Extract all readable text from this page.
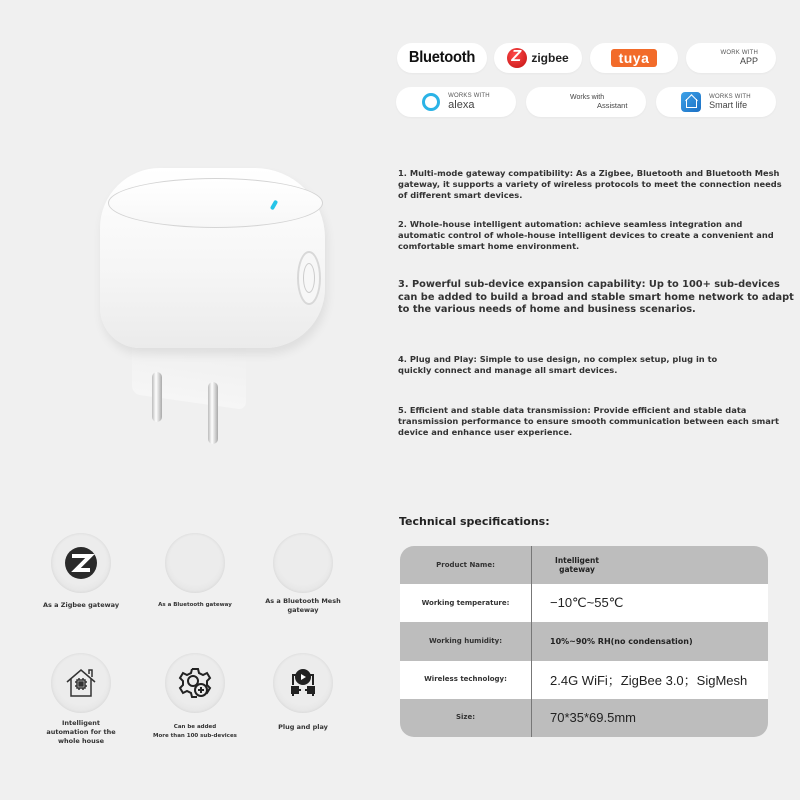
Bluetooth Z	zigbee	tuya	WORK WITH
APP
WORKS WITH
alexa
Works with
Assistant
WORKS WITH
Smart life
1. Multi-mode gateway compatibility: As a Zigbee, Bluetooth and Bluetooth Mesh gateway, it supports a variety of wireless protocols to meet the connection needs of different smart devices.
2. Whole-house intelligent automation: achieve seamless integration and automatic control of whole-house intelligent devices to create a convenient and comfortable smart home environment.
3. Powerful sub-device expansion capability: Up to 100+ sub-devices can be added to build a broad and stable smart home network to adapt to the various needs of home and business scenarios.
4. Plug and Play: Simple to use design, no complex setup, plug in to quickly connect and manage all smart devices.
5. Efficient and stable data transmission: Provide efficient and stable data transmission performance to ensure smooth communication between each smart device and enhance user experience.
Technical specifications:
Product Name:	Intelligent gateway
Working temperature:	−10℃~55℃
Working humidity:	10%~90% RH(no condensation)
Wireless technology:	2.4G WiFi；ZigBee 3.0；SigMesh
Size:	70*35*69.5mm
As a Zigbee gateway	As a Bluetooth gateway	As a Bluetooth Mesh gateway
Intelligent automation for the whole house
Can be added
More than 100 sub-devices
Plug and play
